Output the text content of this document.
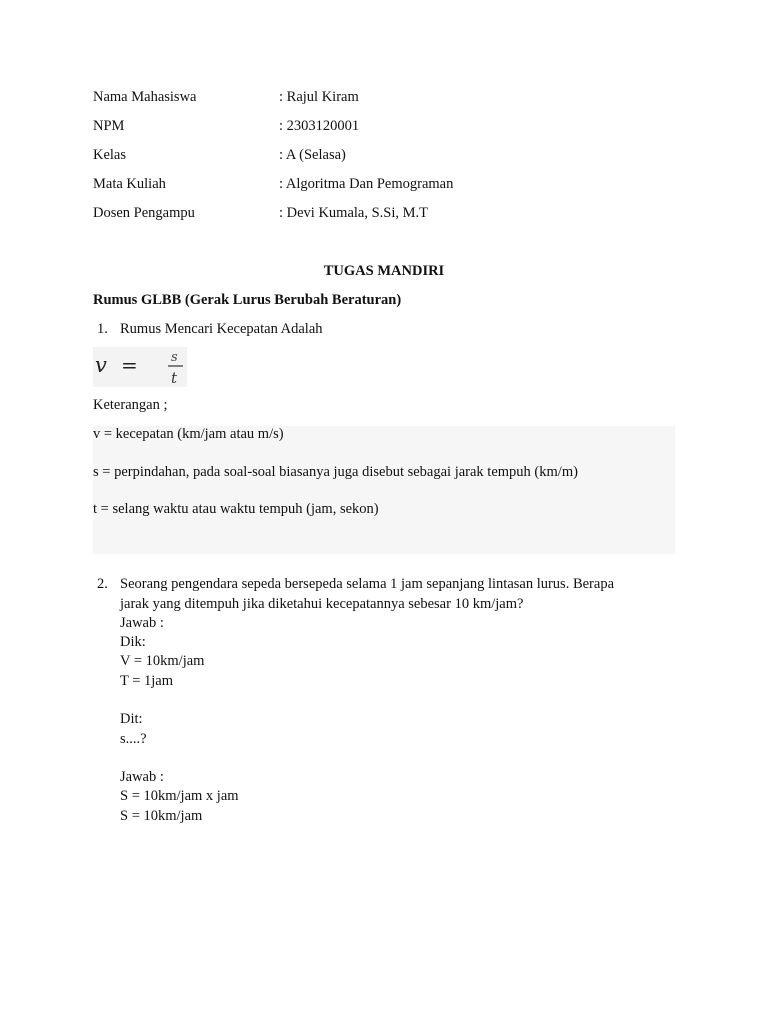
Nama Mahasiswa	: Rajul Kiram
NPM	: 2303120001
Kelas	: A (Selasa)
Mata Kuliah	: Algoritma Dan Pemograman
Dosen Pengampu	: Devi Kumala, S.Si, M.T
TUGAS MANDIRI
Rumus GLBB (Gerak Lurus Berubah Beraturan)
1. Rumus Mencari Kecepatan Adalah
v =	s
t
Keterangan ;
v = kecepatan (km/jam atau m/s)
s = perpindahan, pada soal-soal biasanya juga disebut sebagai jarak tempuh (km/m)
t = selang waktu atau waktu tempuh (jam, sekon)
2. Seorang pengendara sepeda bersepeda selama 1 jam sepanjang lintasan lurus. Berapa
jarak yang ditempuh jika diketahui kecepatannya sebesar 10 km/jam?
Jawab :
Dik:
V = 10km/jam
T = 1jam
Dit:
s....?
Jawab :
S = 10km/jam x jam
S = 10km/jam
